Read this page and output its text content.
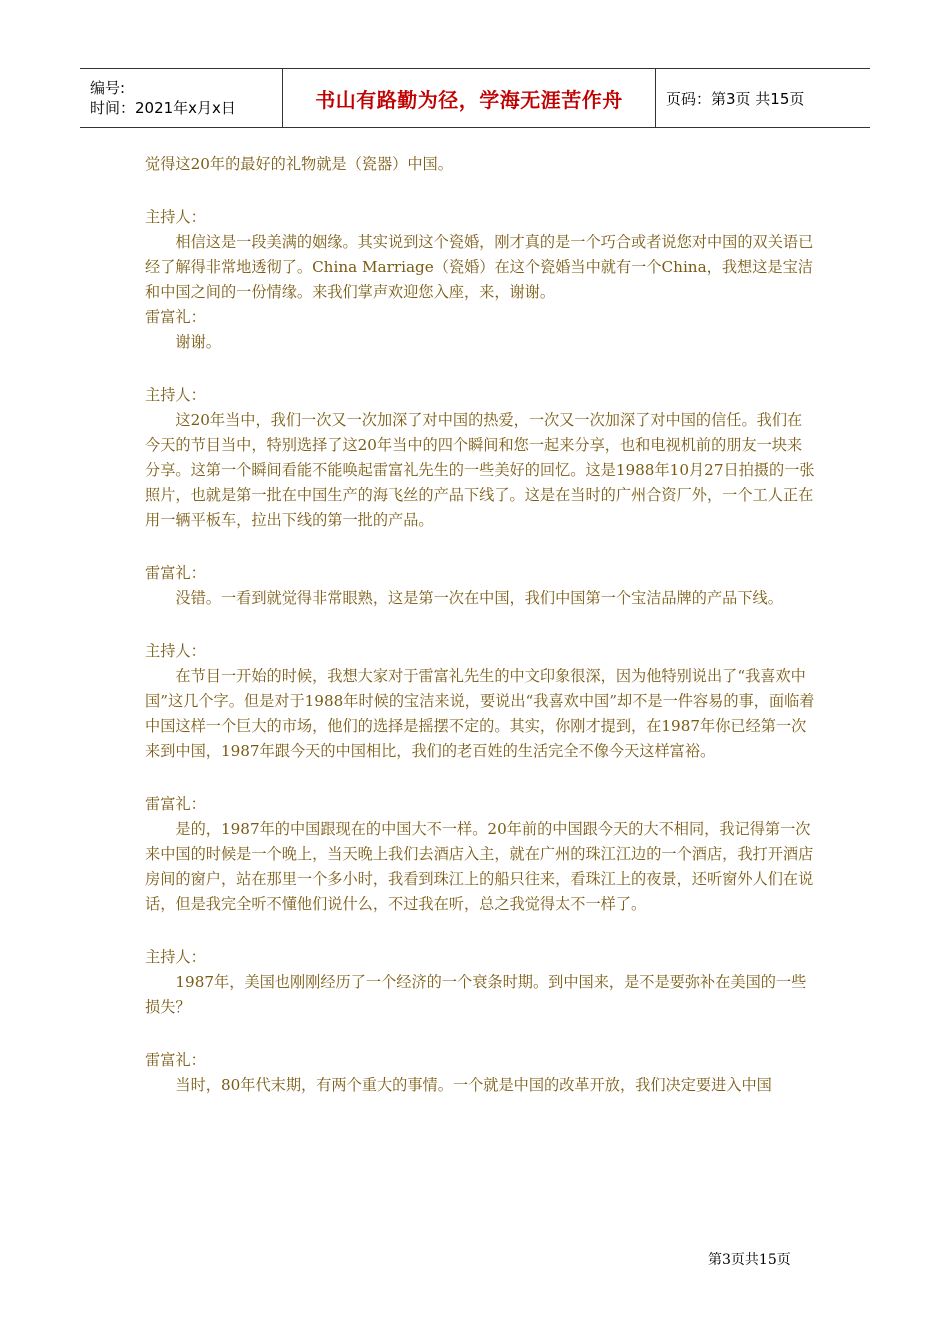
编号:
时间：2021年x月x日	书山有路勤为径，学海无涯苦作舟	页码：第3页 共15页

觉得这20年的最好的礼物就是（瓷器）中国。

主持人：

相信这是一段美满的姻缘。其实说到这个瓷婚，刚才真的是一个巧合或者说您对中国的双关语已经了解得非常地透彻了。China Marriage（瓷婚）在这个瓷婚当中就有一个China，我想这是宝洁和中国之间的一份情缘。来我们掌声欢迎您入座，来，谢谢。

雷富礼：

谢谢。

主持人：

这20年当中，我们一次又一次加深了对中国的热爱，一次又一次加深了对中国的信任。我们在今天的节目当中，特别选择了这20年当中的四个瞬间和您一起来分享，也和电视机前的朋友一块来分享。这第一个瞬间看能不能唤起雷富礼先生的一些美好的回忆。这是1988年10月27日拍摄的一张照片，也就是第一批在中国生产的海飞丝的产品下线了。这是在当时的广州合资厂外，一个工人正在用一辆平板车，拉出下线的第一批的产品。

雷富礼：

没错。一看到就觉得非常眼熟，这是第一次在中国，我们中国第一个宝洁品牌的产品下线。

主持人：

在节目一开始的时候，我想大家对于雷富礼先生的中文印象很深，因为他特别说出了“我喜欢中国”这几个字。但是对于1988年时候的宝洁来说，要说出“我喜欢中国”却不是一件容易的事，面临着中国这样一个巨大的市场，他们的选择是摇摆不定的。其实，你刚才提到，在1987年你已经第一次来到中国，1987年跟今天的中国相比，我们的老百姓的生活完全不像今天这样富裕。

雷富礼：

是的，1987年的中国跟现在的中国大不一样。20年前的中国跟今天的大不相同，我记得第一次来中国的时候是一个晚上，当天晚上我们去酒店入主，就在广州的珠江江边的一个酒店，我打开酒店房间的窗户，站在那里一个多小时，我看到珠江上的船只往来，看珠江上的夜景，还听窗外人们在说话，但是我完全听不懂他们说什么，不过我在听，总之我觉得太不一样了。

主持人：

1987年，美国也刚刚经历了一个经济的一个衰条时期。到中国来，是不是要弥补在美国的一些损失？

雷富礼：

当时，80年代末期，有两个重大的事情。一个就是中国的改革开放，我们决定要进入中国

第3页共15页
